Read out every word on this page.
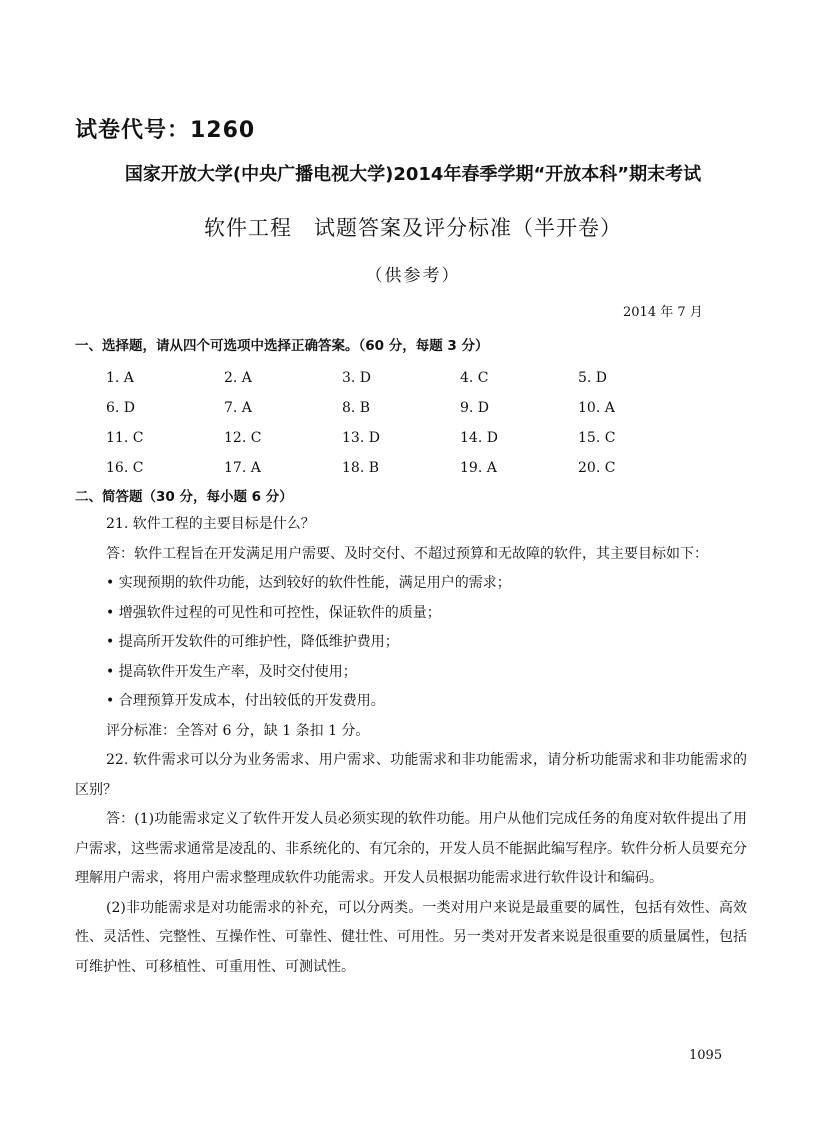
试卷代号：1260
国家开放大学(中央广播电视大学)2014年春季学期“开放本科”期末考试
软件工程　试题答案及评分标准（半开卷）
（供参考）
2014 年 7 月
一、选择题，请从四个可选项中选择正确答案。（60 分，每题 3 分）
1. A	2. A	3. D	4. C	5. D
6. D	7. A	8. B	9. D	10. A
11. C	12. C	13. D	14. D	15. C
16. C	17. A	18. B	19. A	20. C
二、简答题（30 分，每小题 6 分）

21. 软件工程的主要目标是什么？

答：软件工程旨在开发满足用户需要、及时交付、不超过预算和无故障的软件，其主要目标如下：

• 实现预期的软件功能，达到较好的软件性能，满足用户的需求；

• 增强软件过程的可见性和可控性，保证软件的质量；

• 提高所开发软件的可维护性，降低维护费用；

• 提高软件开发生产率，及时交付使用；

• 合理预算开发成本，付出较低的开发费用。

评分标准：全答对 6 分，缺 1 条扣 1 分。

22. 软件需求可以分为业务需求、用户需求、功能需求和非功能需求，请分析功能需求和非功能需求的区别？

答：(1)功能需求定义了软件开发人员必须实现的软件功能。用户从他们完成任务的角度对软件提出了用户需求，这些需求通常是凌乱的、非系统化的、有冗余的，开发人员不能据此编写程序。软件分析人员要充分理解用户需求，将用户需求整理成软件功能需求。开发人员根据功能需求进行软件设计和编码。

(2)非功能需求是对功能需求的补充，可以分两类。一类对用户来说是最重要的属性，包括有效性、高效性、灵活性、完整性、互操作性、可靠性、健壮性、可用性。另一类对开发者来说是很重要的质量属性，包括可维护性、可移植性、可重用性、可测试性。

1095
